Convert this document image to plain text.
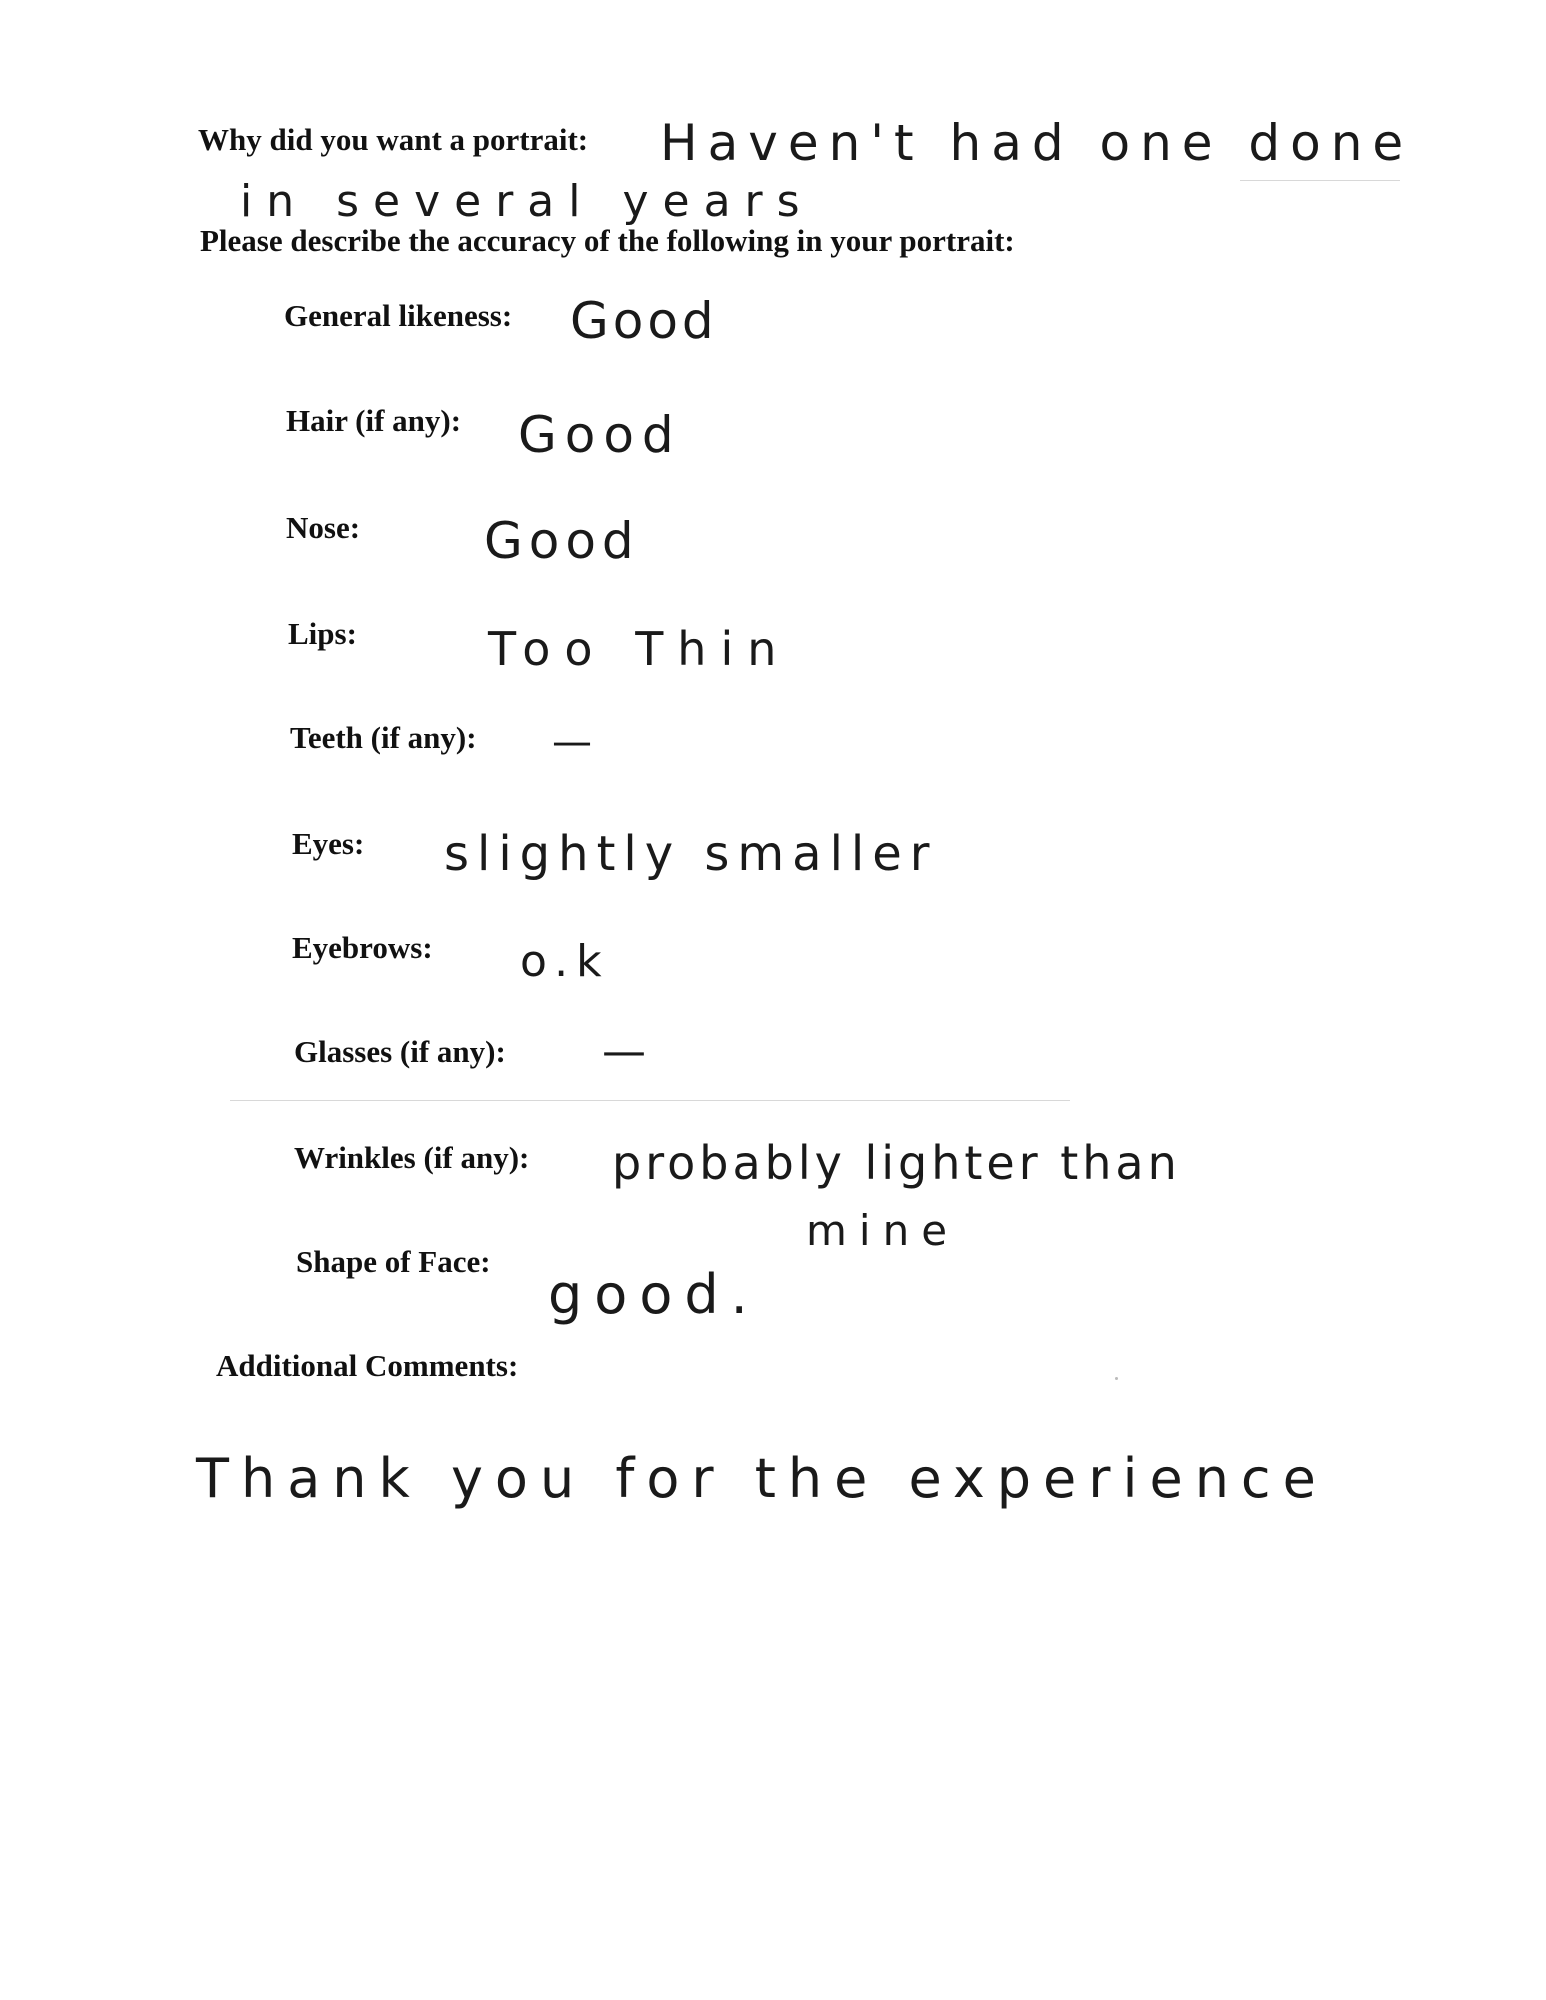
Why did you want a portrait: Haven't had one done
in several years
Please describe the accuracy of the following in your portrait:
General likeness: Good
Hair (if any): Good
Nose: Good
Lips:	Too Thin
Teeth (if any): —
Eyes: slightly smaller
Eyebrows: o.k
Glasses (if any): —
Wrinkles (if any): probably lighter than
mine
Shape of Face:
good.
Additional Comments:
Thank you for the experience
